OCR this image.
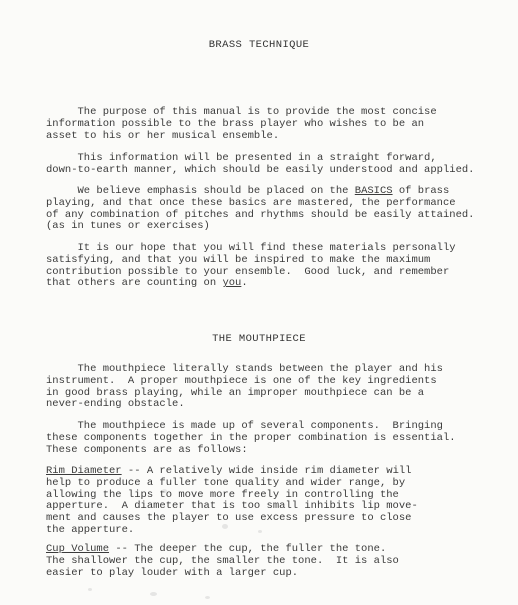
BRASS TECHNIQUE
The purpose of this manual is to provide the most concise
information possible to the brass player who wishes to be an
asset to his or her musical ensemble.
This information will be presented in a straight forward,
down-to-earth manner, which should be easily understood and applied.
We believe emphasis should be placed on the BASICS of brass
playing, and that once these basics are mastered, the performance
of any combination of pitches and rhythms should be easily attained.
(as in tunes or exercises)
It is our hope that you will find these materials personally
satisfying, and that you will be inspired to make the maximum
contribution possible to your ensemble.  Good luck, and remember
that others are counting on you.
THE MOUTHPIECE
The mouthpiece literally stands between the player and his
instrument.  A proper mouthpiece is one of the key ingredients
in good brass playing, while an improper mouthpiece can be a
never-ending obstacle.
The mouthpiece is made up of several components.  Bringing
these components together in the proper combination is essential.
These components are as follows:
Rim Diameter -- A relatively wide inside rim diameter will
help to produce a fuller tone quality and wider range, by
allowing the lips to move more freely in controlling the
apperture.  A diameter that is too small inhibits lip move-
ment and causes the player to use excess pressure to close
the apperture.
Cup Volume -- The deeper the cup, the fuller the tone.
The shallower the cup, the smaller the tone.  It is also
easier to play louder with a larger cup.
